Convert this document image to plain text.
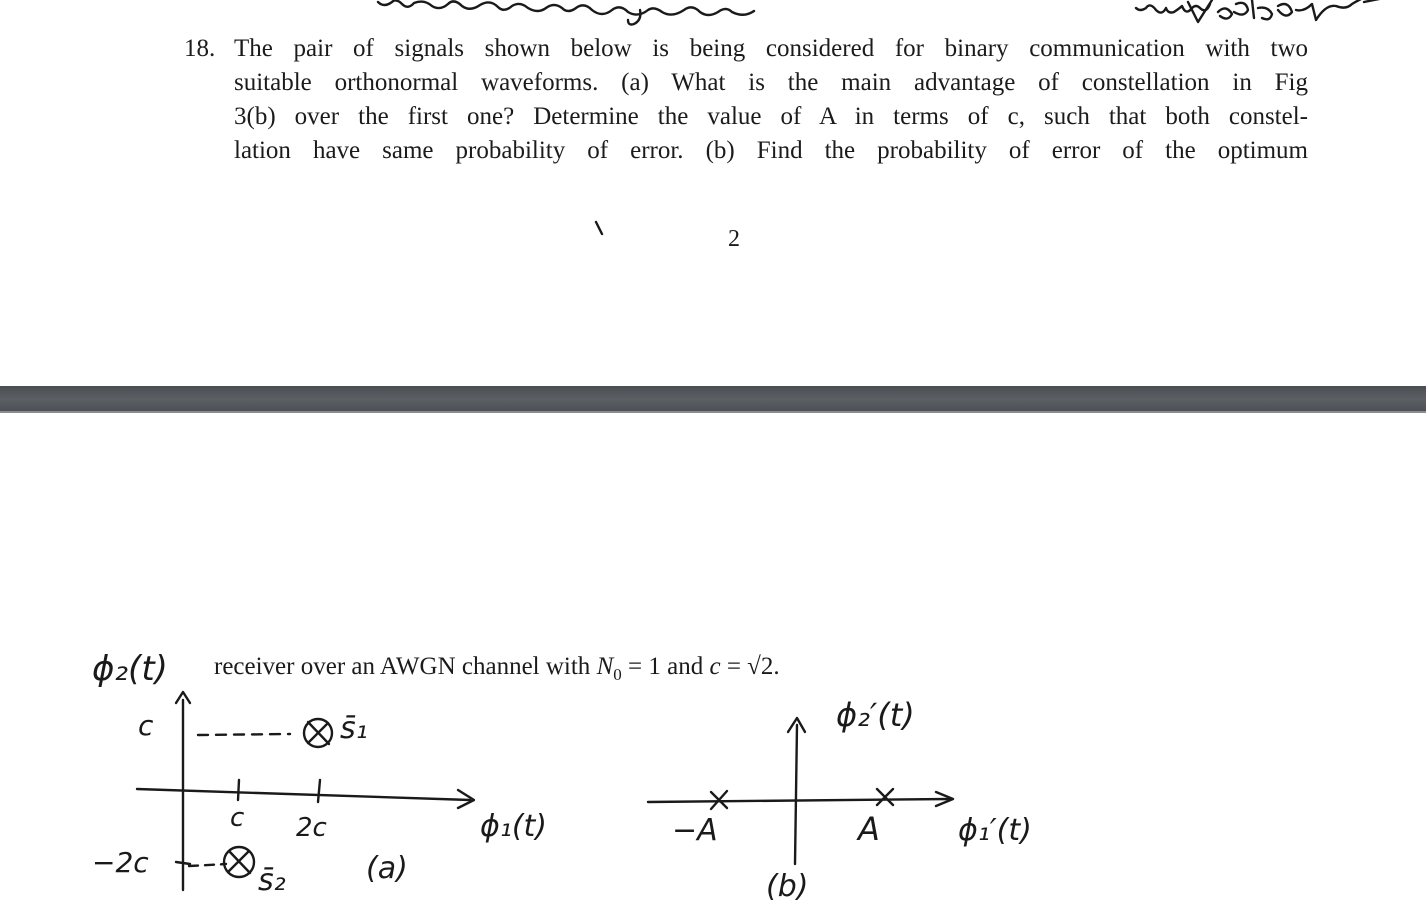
18. The pair of signals shown below is being considered for binary communication with two
suitable orthonormal waveforms. (a) What is the main advantage of constellation in Fig
3(b) over the first one? Determine the value of A in terms of c, such that both constel-
lation have same probability of error. (b) Find the probability of error of the optimum
2
receiver over an AWGN channel with $N_0 = 1$ and c = √2.
ϕ₂(t)
c
−2c
c 2c
s̄₁
s̄₂	(a)
ϕ₁(t)
ϕ₂′(t)
−A	A	ϕ₁′(t)
(b)
